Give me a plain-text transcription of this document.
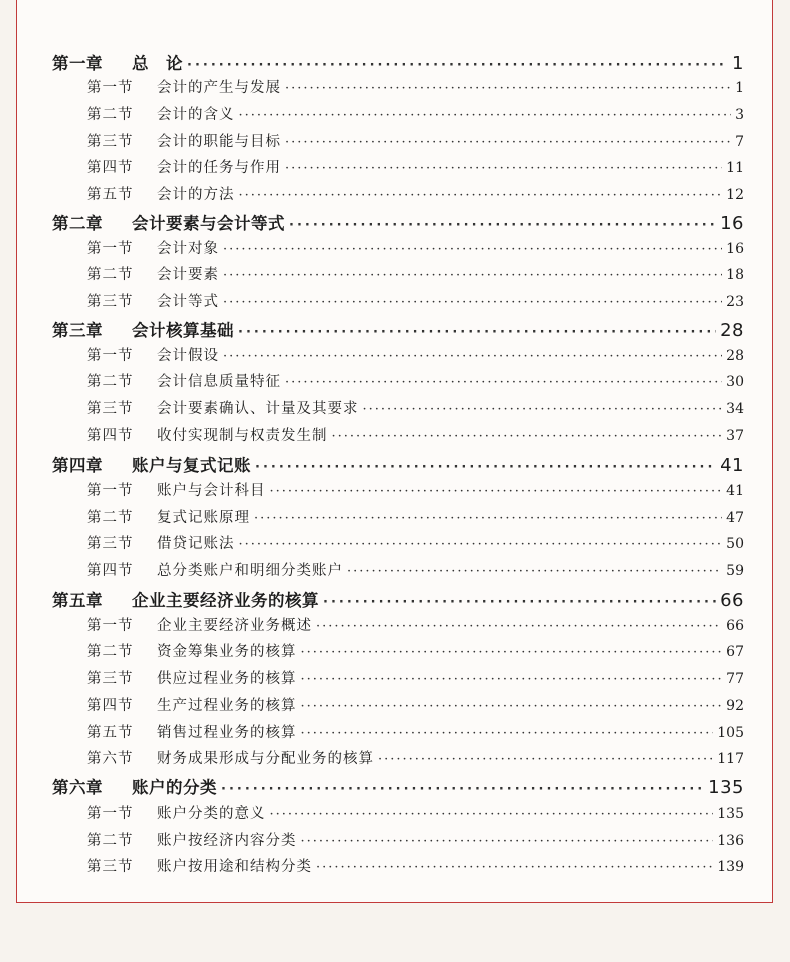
第一章	总　论 ·····	1
第一节	会计的产生与发展 ·····	1
第二节	会计的含义 ·····	3
第三节	会计的职能与目标 ·····	7
第四节	会计的任务与作用 ·····	11
第五节	会计的方法 ·····	12
第二章	会计要素与会计等式 ·····	16
第一节	会计对象 ·····	16
第二节	会计要素 ·····	18
第三节	会计等式 ·····	23
第三章	会计核算基础 ·····	28
第一节	会计假设 ·····	28
第二节	会计信息质量特征 ·····	30
第三节	会计要素确认、计量及其要求 ·····	34
第四节	收付实现制与权责发生制 ·····	37
第四章	账户与复式记账 ·····	41
第一节	账户与会计科目 ·····	41
第二节	复式记账原理 ·····	47
第三节	借贷记账法 ·····	50
第四节	总分类账户和明细分类账户 ·····	59
第五章	企业主要经济业务的核算 ·····	66
第一节	企业主要经济业务概述 ·····	66
第二节	资金筹集业务的核算 ·····	67
第三节	供应过程业务的核算 ·····	77
第四节	生产过程业务的核算 ·····	92
第五节	销售过程业务的核算 ·····	105
第六节	财务成果形成与分配业务的核算 ·····	117
第六章	账户的分类 ·····	135
第一节	账户分类的意义 ·····	135
第二节	账户按经济内容分类 ·····	136
第三节	账户按用途和结构分类 ·····	139
